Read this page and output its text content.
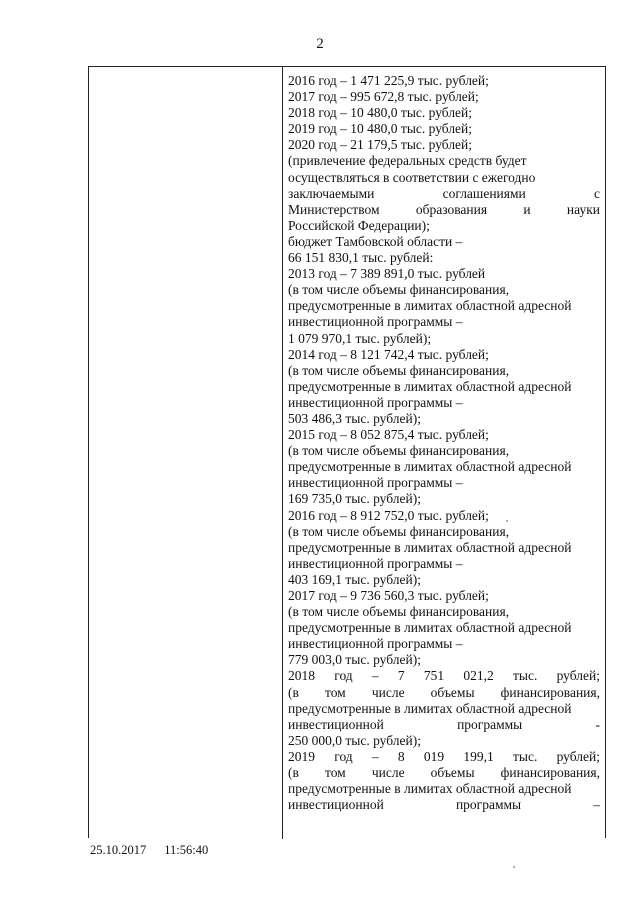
2
2016 год – 1 471 225,9 тыс. рублей;
2017 год – 995 672,8 тыс. рублей;
2018 год – 10 480,0 тыс. рублей;
2019 год – 10 480,0 тыс. рублей;
2020 год – 21 179,5 тыс. рублей;
(привлечение федеральных средств будет
осуществляться в соответствии с ежегодно
заключаемыми соглашениями с
Министерством образования и науки
Российской Федерации);
бюджет Тамбовской области –
66 151 830,1 тыс. рублей:
2013 год – 7 389 891,0 тыс. рублей
(в том числе объемы финансирования,
предусмотренные в лимитах областной адресной
инвестиционной программы –
1 079 970,1 тыс. рублей);
2014 год – 8 121 742,4 тыс. рублей;
(в том числе объемы финансирования,
предусмотренные в лимитах областной адресной
инвестиционной программы –
503 486,3 тыс. рублей);
2015 год – 8 052 875,4 тыс. рублей;
(в том числе объемы финансирования,
предусмотренные в лимитах областной адресной
инвестиционной программы –
169 735,0 тыс. рублей);
2016 год – 8 912 752,0 тыс. рублей;
(в том числе объемы финансирования,
предусмотренные в лимитах областной адресной
инвестиционной программы –
403 169,1 тыс. рублей);
2017 год – 9 736 560,3 тыс. рублей;
(в том числе объемы финансирования,
предусмотренные в лимитах областной адресной
инвестиционной программы –
779 003,0 тыс. рублей);
2018 год – 7 751 021,2 тыс. рублей;
(в том числе объемы финансирования,
предусмотренные в лимитах областной адресной
инвестиционной программы -
250 000,0 тыс. рублей);
2019 год – 8 019 199,1 тыс. рублей;
(в том числе объемы финансирования,
предусмотренные в лимитах областной адресной
инвестиционной программы –
25.10.2017 11:56:40
